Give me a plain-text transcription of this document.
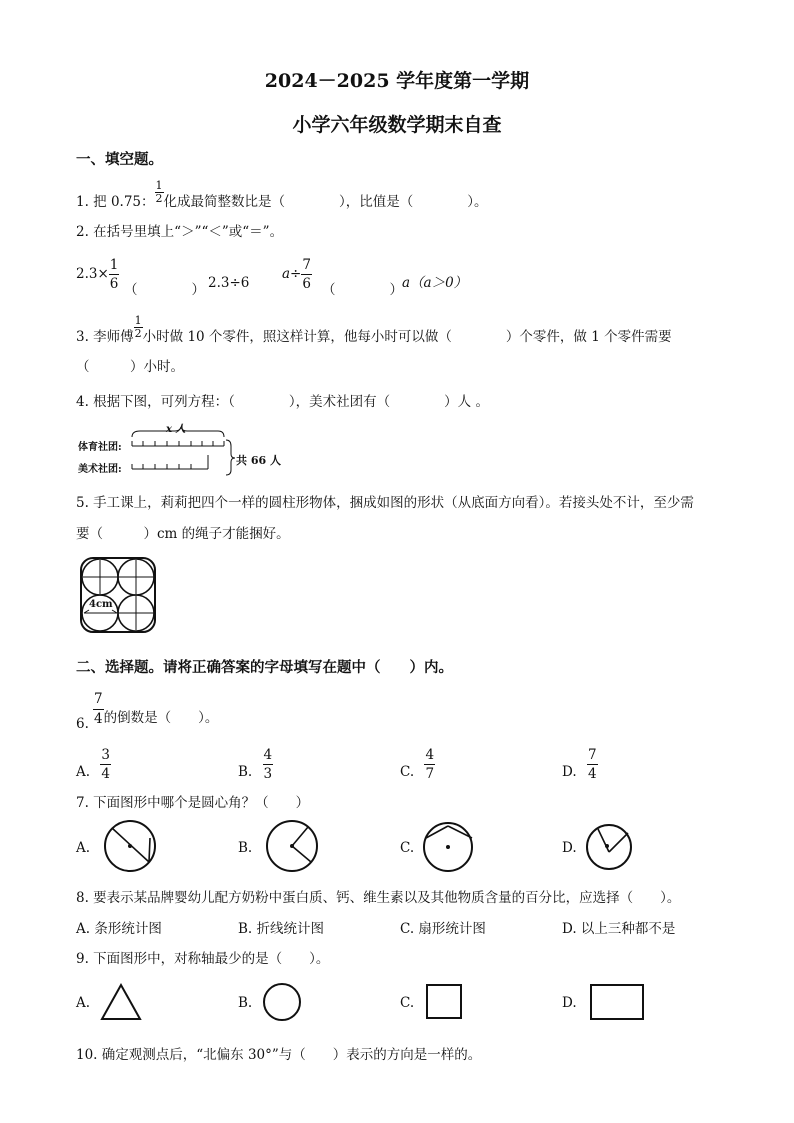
2024－2025 学年度第一学期
小学六年级数学期末自查
一、填空题。
1. 把 0.75： $\frac{1}{2}$ 化成最简整数比是（　　　　），比值是（　　　　）。
2. 在括号里填上“＞”“＜”或“＝”。
$2.3\times \frac{1}{6}$ （　　　　） 2.3÷6
$a\div \frac{7}{6}$ （　　　　） a（a＞0）
3. 李师傅 $\frac{1}{2}$ 小时做 10 个零件，照这样计算，他每小时可以做（　　　　）个零件，做 1 个零件需要
（　　　）小时。
4. 根据下图，可列方程：（　　　　），美术社团有（　　　　）人 。
体育社团:
美术社团:
x 人
共 66 人
5. 手工课上，莉莉把四个一样的圆柱形物体，捆成如图的形状（从底面方向看）。若接头处不计，至少需
要（　　　）cm 的绳子才能捆好。
4cm
二、选择题。请将正确答案的字母填写在题中（　　）内。
6. $\frac{7}{4}$ 的倒数是（　　）。
A. $\frac{3}{4}$	B. $\frac{4}{3}$	C. $\frac{4}{7}$	D. $\frac{7}{4}$
7. 下面图形中哪个是圆心角？（　　）
A.	B.	C.	D.
8. 要表示某品牌婴幼儿配方奶粉中蛋白质、钙、维生素以及其他物质含量的百分比，应选择（　　）。
A. 条形统计图	B. 折线统计图	C. 扇形统计图	D. 以上三种都不是
9. 下面图形中，对称轴最少的是（　　）。
A.	B.	C.	D.
10. 确定观测点后，“北偏东 30°”与（　　）表示的方向是一样的。
